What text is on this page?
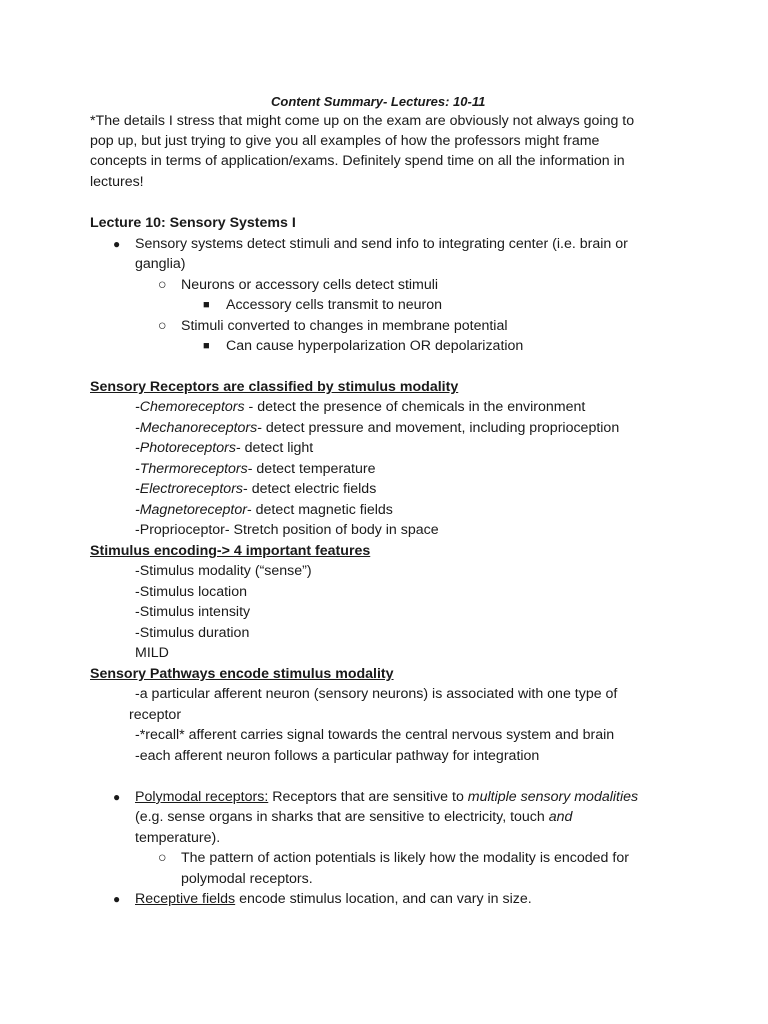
Content Summary- Lectures: 10-11
*The details I stress that might come up on the exam are obviously not always going to
pop up, but just trying to give you all examples of how the professors might frame
concepts in terms of application/exams. Definitely spend time on all the information in
lectures!
Lecture 10: Sensory Systems I
● Sensory systems detect stimuli and send info to integrating center (i.e. brain or
ganglia)
○ Neurons or accessory cells detect stimuli
■ Accessory cells transmit to neuron
○ Stimuli converted to changes in membrane potential
■ Can cause hyperpolarization OR depolarization
Sensory Receptors are classified by stimulus modality
-Chemoreceptors - detect the presence of chemicals in the environment
-Mechanoreceptors- detect pressure and movement, including proprioception
-Photoreceptors- detect light
-Thermoreceptors- detect temperature
-Electroreceptors- detect electric fields
-Magnetoreceptor- detect magnetic fields
-Proprioceptor- Stretch position of body in space
Stimulus encoding-> 4 important features
-Stimulus modality (“sense”)
-Stimulus location
-Stimulus intensity
-Stimulus duration
MILD
Sensory Pathways encode stimulus modality
-a particular afferent neuron (sensory neurons) is associated with one type of
receptor
-*recall* afferent carries signal towards the central nervous system and brain
-each afferent neuron follows a particular pathway for integration
● Polymodal receptors: Receptors that are sensitive to multiple sensory modalities
(e.g. sense organs in sharks that are sensitive to electricity, touch and
temperature).
○ The pattern of action potentials is likely how the modality is encoded for
polymodal receptors.
● Receptive fields encode stimulus location, and can vary in size.
